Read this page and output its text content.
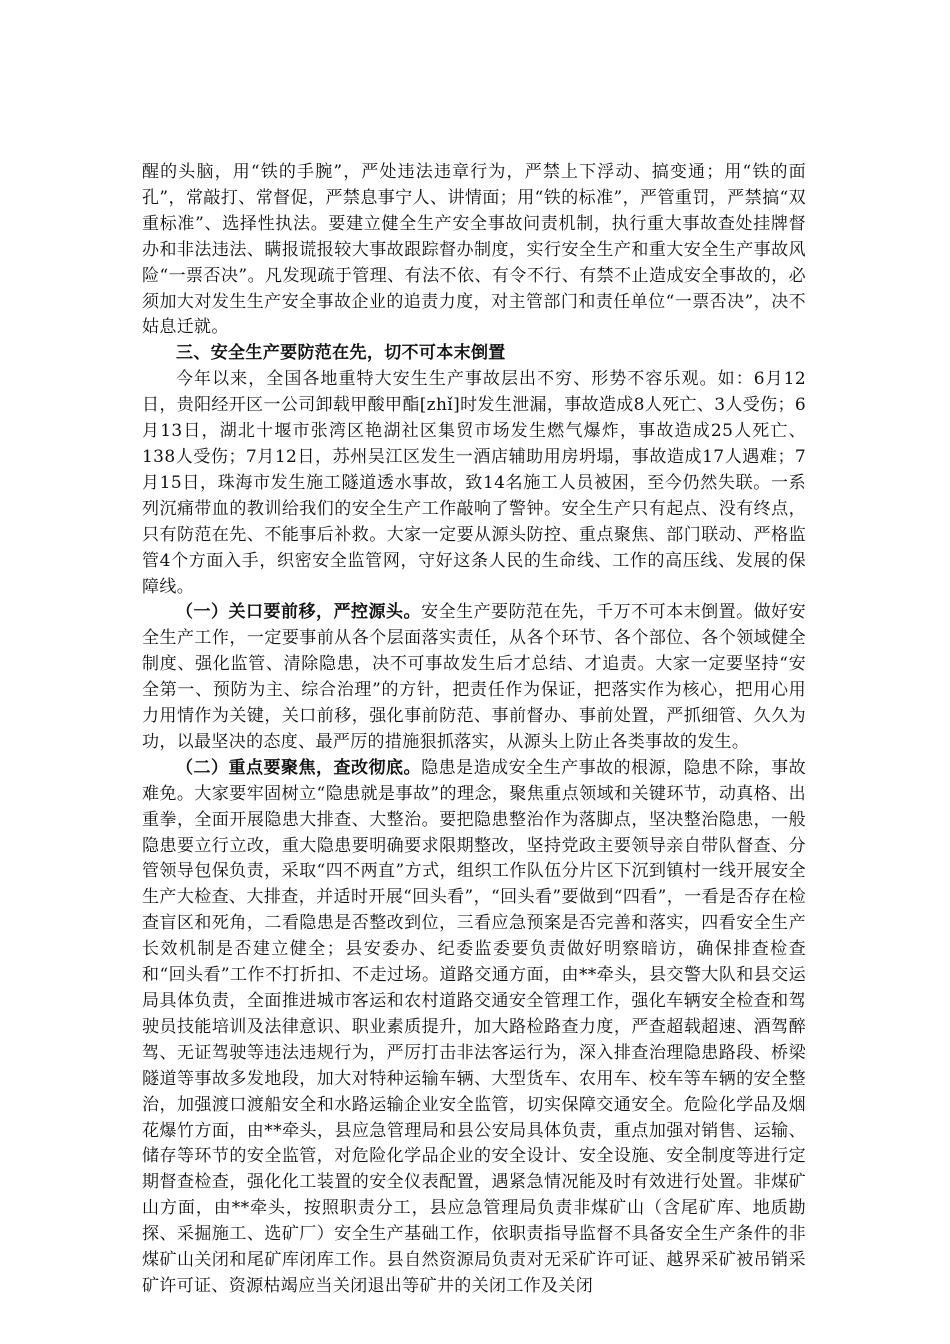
醒的头脑，用“铁的手腕”，严处违法违章行为，严禁上下浮动、搞变通；用“铁的面孔”，常敲打、常督促，严禁息事宁人、讲情面；用“铁的标准”，严管重罚，严禁搞“双重标准”、选择性执法。要建立健全生产安全事故问责机制，执行重大事故查处挂牌督办和非法违法、瞒报谎报较大事故跟踪督办制度，实行安全生产和重大安全生产事故风险“一票否决”。凡发现疏于管理、有法不依、有令不行、有禁不止造成安全事故的，必须加大对发生生产安全事故企业的追责力度，对主管部门和责任单位“一票否决”，决不姑息迁就。

三、安全生产要防范在先，切不可本末倒置

今年以来，全国各地重特大安生生产事故层出不穷、形势不容乐观。如：6月12日，贵阳经开区一公司卸载甲酸甲酯[zhǐ]时发生泄漏，事故造成8人死亡、3人受伤；6月13日，湖北十堰市张湾区艳湖社区集贸市场发生燃气爆炸，事故造成25人死亡、138人受伤；7月12日，苏州吴江区发生一酒店辅助用房坍塌，事故造成17人遇难；7月15日，珠海市发生施工隧道透水事故，致14名施工人员被困，至今仍然失联。一系列沉痛带血的教训给我们的安全生产工作敲响了警钟。安全生产只有起点、没有终点，只有防范在先、不能事后补救。大家一定要从源头防控、重点聚焦、部门联动、严格监管4个方面入手，织密安全监管网，守好这条人民的生命线、工作的高压线、发展的保障线。

（一）关口要前移，严控源头。安全生产要防范在先，千万不可本末倒置。做好安全生产工作，一定要事前从各个层面落实责任，从各个环节、各个部位、各个领域健全制度、强化监管、清除隐患，决不可事故发生后才总结、才追责。大家一定要坚持“安全第一、预防为主、综合治理”的方针，把责任作为保证，把落实作为核心，把用心用力用情作为关键，关口前移，强化事前防范、事前督办、事前处置，严抓细管、久久为功，以最坚决的态度、最严厉的措施狠抓落实，从源头上防止各类事故的发生。

（二）重点要聚焦，查改彻底。隐患是造成安全生产事故的根源，隐患不除，事故难免。大家要牢固树立“隐患就是事故”的理念，聚焦重点领域和关键环节，动真格、出重拳，全面开展隐患大排查、大整治。要把隐患整治作为落脚点，坚决整治隐患，一般隐患要立行立改，重大隐患要明确要求限期整改，坚持党政主要领导亲自带队督查、分管领导包保负责，采取“四不两直”方式，组织工作队伍分片区下沉到镇村一线开展安全生产大检查、大排查，并适时开展“回头看”，“回头看”要做到“四看”，一看是否存在检查盲区和死角，二看隐患是否整改到位，三看应急预案是否完善和落实，四看安全生产长效机制是否建立健全；县安委办、纪委监委要负责做好明察暗访，确保排查检查和“回头看”工作不打折扣、不走过场。道路交通方面，由**牵头，县交警大队和县交运局具体负责，全面推进城市客运和农村道路交通安全管理工作，强化车辆安全检查和驾驶员技能培训及法律意识、职业素质提升，加大路检路查力度，严查超载超速、酒驾醉驾、无证驾驶等违法违规行为，严厉打击非法客运行为，深入排查治理隐患路段、桥梁隧道等事故多发地段，加大对特种运输车辆、大型货车、农用车、校车等车辆的安全整治，加强渡口渡船安全和水路运输企业安全监管，切实保障交通安全。危险化学品及烟花爆竹方面，由**牵头，县应急管理局和县公安局具体负责，重点加强对销售、运输、储存等环节的安全监管，对危险化学品企业的安全设计、安全设施、安全制度等进行定期督查检查，强化化工装置的安全仪表配置，遇紧急情况能及时有效进行处置。非煤矿山方面，由**牵头，按照职责分工，县应急管理局负责非煤矿山（含尾矿库、地质勘探、采掘施工、选矿厂）安全生产基础工作，依职责指导监督不具备安全生产条件的非煤矿山关闭和尾矿库闭库工作。县自然资源局负责对无采矿许可证、越界采矿被吊销采矿许可证、资源枯竭应当关闭退出等矿井的关闭工作及关闭
